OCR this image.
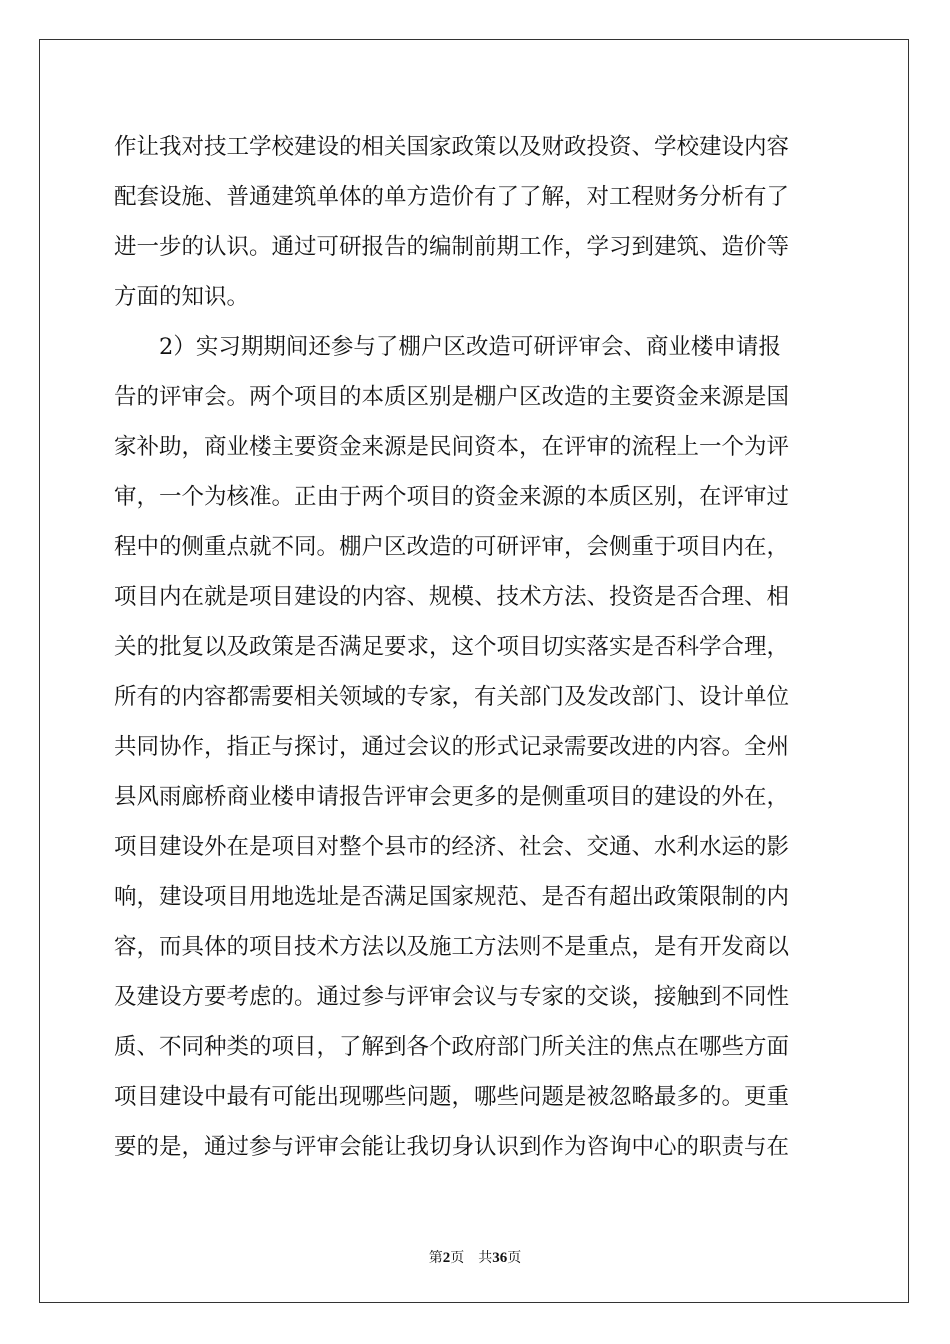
作让我对技工学校建设的相关国家政策以及财政投资、学校建设内容
配套设施、普通建筑单体的单方造价有了了解，对工程财务分析有了
进一步的认识。通过可研报告的编制前期工作，学习到建筑、造价等
方面的知识。
　　2）实习期期间还参与了棚户区改造可研评审会、商业楼申请报
告的评审会。两个项目的本质区别是棚户区改造的主要资金来源是国
家补助，商业楼主要资金来源是民间资本，在评审的流程上一个为评
审，一个为核准。正由于两个项目的资金来源的本质区别，在评审过
程中的侧重点就不同。棚户区改造的可研评审，会侧重于项目内在，
项目内在就是项目建设的内容、规模、技术方法、投资是否合理、相
关的批复以及政策是否满足要求，这个项目切实落实是否科学合理，
所有的内容都需要相关领域的专家，有关部门及发改部门、设计单位
共同协作，指正与探讨，通过会议的形式记录需要改进的内容。全州
县风雨廊桥商业楼申请报告评审会更多的是侧重项目的建设的外在，
项目建设外在是项目对整个县市的经济、社会、交通、水利水运的影
响，建设项目用地选址是否满足国家规范、是否有超出政策限制的内
容，而具体的项目技术方法以及施工方法则不是重点，是有开发商以
及建设方要考虑的。通过参与评审会议与专家的交谈，接触到不同性
质、不同种类的项目，了解到各个政府部门所关注的焦点在哪些方面
项目建设中最有可能出现哪些问题，哪些问题是被忽略最多的。更重
要的是，通过参与评审会能让我切身认识到作为咨询中心的职责与在
第2页 共36页
